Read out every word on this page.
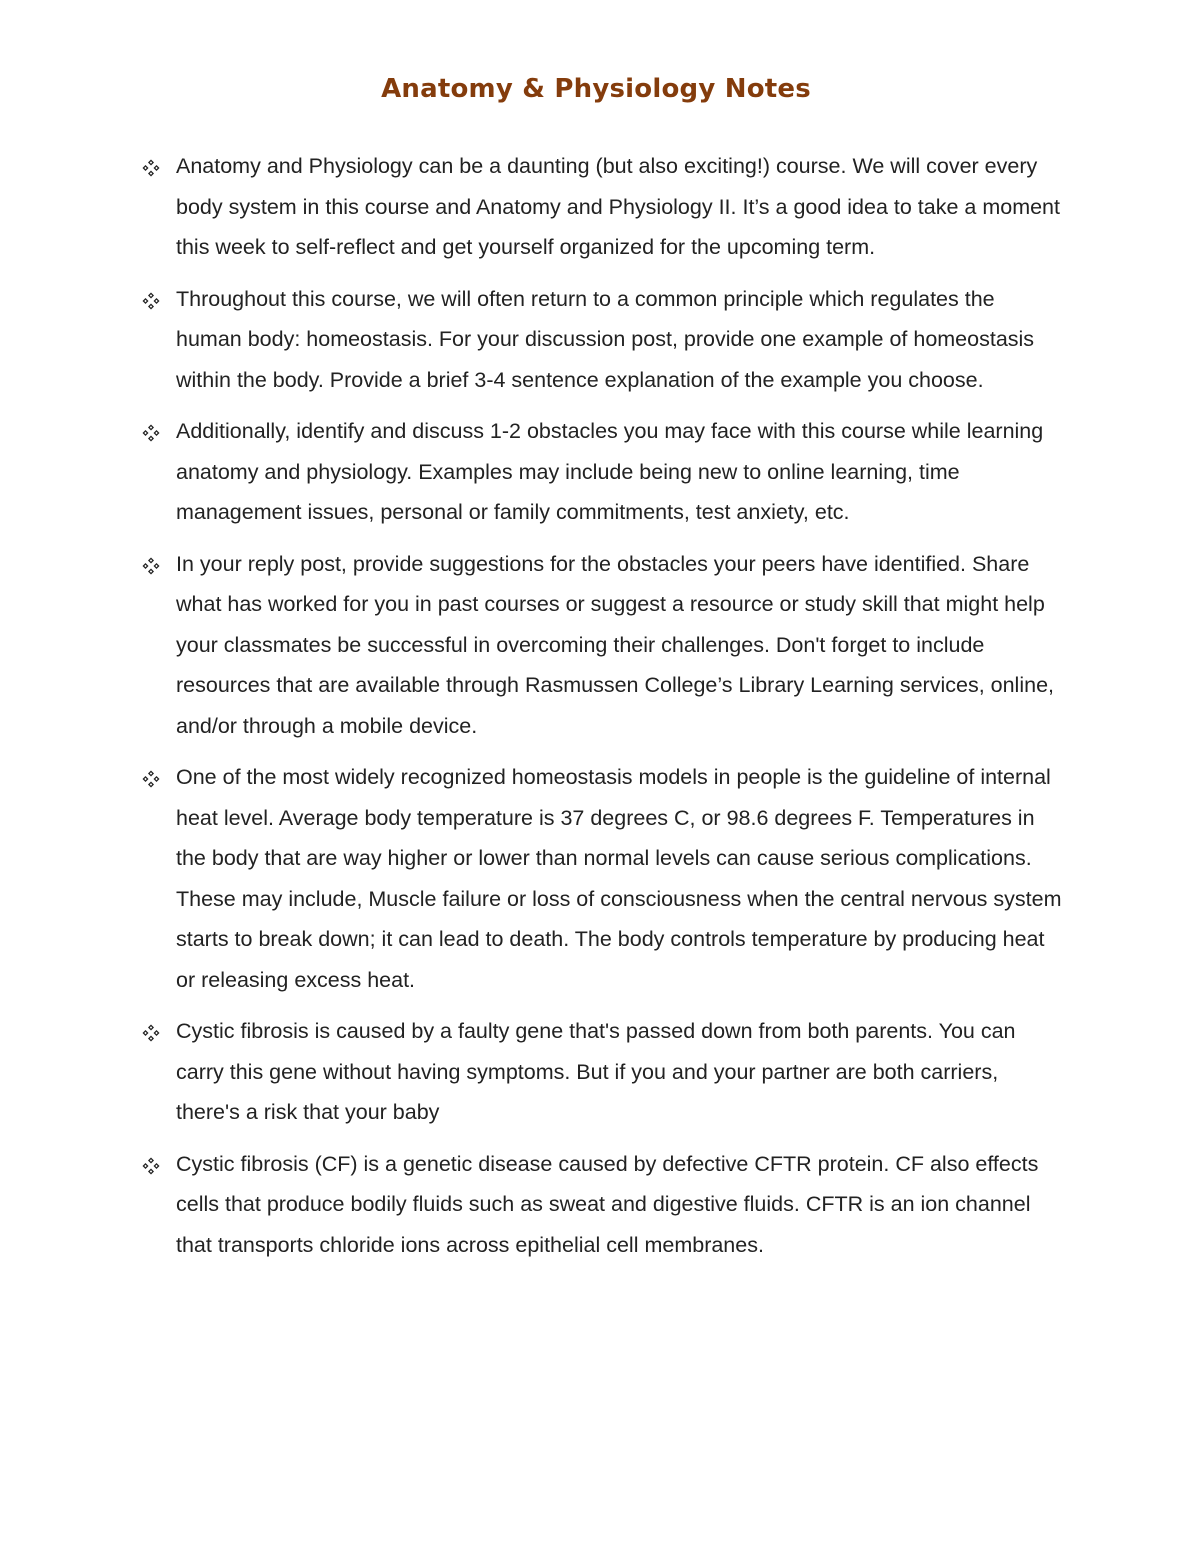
Anatomy & Physiology Notes
Anatomy and Physiology can be a daunting (but also exciting!) course. We will cover every body system in this course and Anatomy and Physiology II. It’s a good idea to take a moment this week to self-reflect and get yourself organized for the upcoming term.
Throughout this course, we will often return to a common principle which regulates the human body: homeostasis. For your discussion post, provide one example of homeostasis within the body. Provide a brief 3-4 sentence explanation of the example you choose.
Additionally, identify and discuss 1-2 obstacles you may face with this course while learning anatomy and physiology. Examples may include being new to online learning, time management issues, personal or family commitments, test anxiety, etc.
In your reply post, provide suggestions for the obstacles your peers have identified. Share what has worked for you in past courses or suggest a resource or study skill that might help your classmates be successful in overcoming their challenges. Don't forget to include resources that are available through Rasmussen College’s Library Learning services, online, and/or through a mobile device.
One of the most widely recognized homeostasis models in people is the guideline of internal heat level. Average body temperature is 37 degrees C, or 98.6 degrees F. Temperatures in the body that are way higher or lower than normal levels can cause serious complications. These may include, Muscle failure or loss of consciousness when the central nervous system starts to break down; it can lead to death. The body controls temperature by producing heat or releasing excess heat.
Cystic fibrosis is caused by a faulty gene that's passed down from both parents. You can carry this gene without having symptoms. But if you and your partner are both carriers, there's a risk that your baby
Cystic fibrosis (CF) is a genetic disease caused by defective CFTR protein. CF also effects cells that produce bodily fluids such as sweat and digestive fluids. CFTR is an ion channel that transports chloride ions across epithelial cell membranes.
